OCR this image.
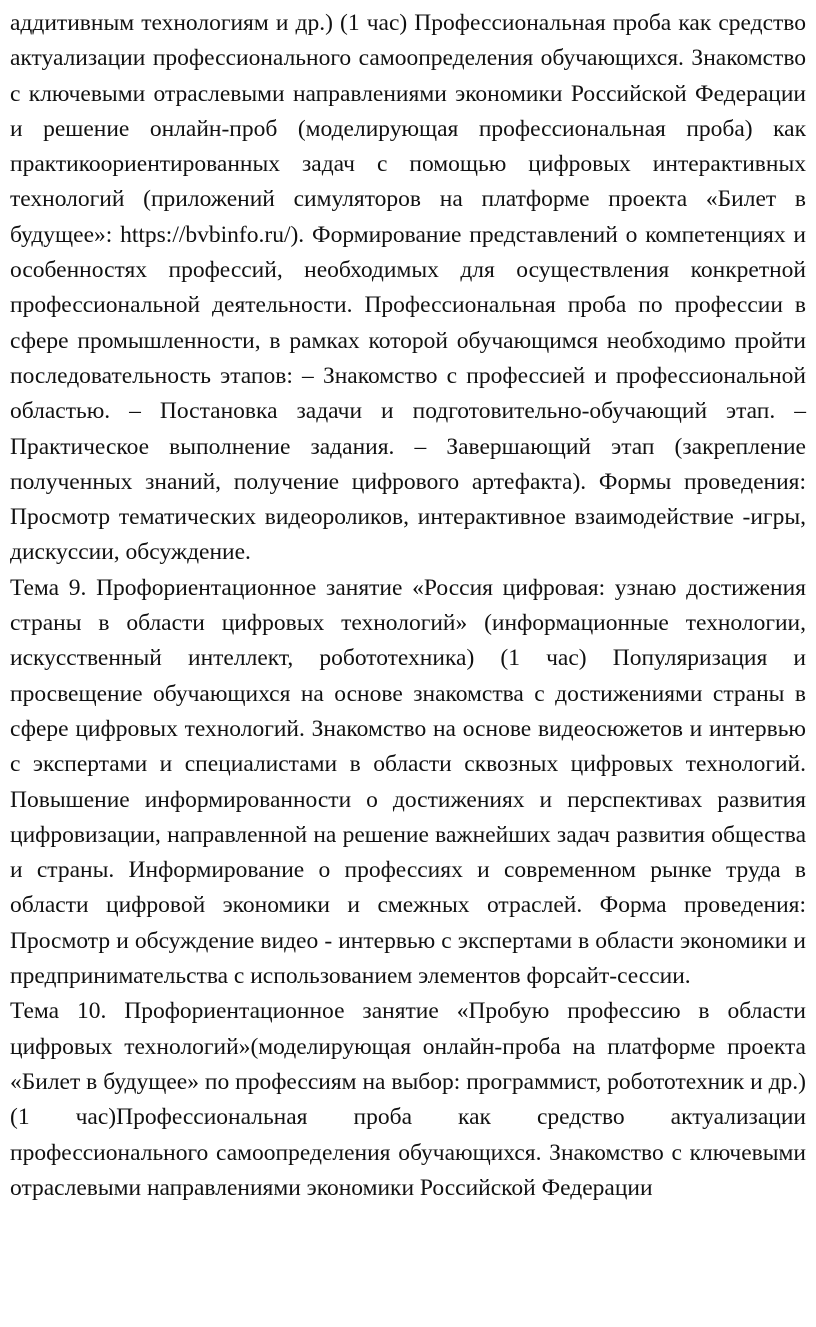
аддитивным технологиям и др.) (1 час) Профессиональная проба как средство актуализации профессионального самоопределения обучающихся. Знакомство с ключевыми отраслевыми направлениями экономики Российской Федерации и решение онлайн-проб (моделирующая профессиональная проба) как практикоориентированных задач с помощью цифровых интерактивных технологий (приложений симуляторов на платформе проекта «Билет в будущее»: https://bvbinfo.ru/). Формирование представлений о компетенциях и особенностях профессий, необходимых для осуществления конкретной профессиональной деятельности. Профессиональная проба по профессии в сфере промышленности, в рамках которой обучающимся необходимо пройти последовательность этапов: – Знакомство с профессией и профессиональной областью. – Постановка задачи и подготовительно-обучающий этап. – Практическое выполнение задания. – Завершающий этап (закрепление полученных знаний, получение цифрового артефакта). Формы проведения: Просмотр тематических видеороликов, интерактивное взаимодействие -игры, дискуссии, обсуждение.

Тема 9. Профориентационное занятие «Россия цифровая: узнаю достижения страны в области цифровых технологий» (информационные технологии, искусственный интеллект, робототехника) (1 час) Популяризация и просвещение обучающихся на основе знакомства с достижениями страны в сфере цифровых технологий. Знакомство на основе видеосюжетов и интервью с экспертами и специалистами в области сквозных цифровых технологий. Повышение информированности о достижениях и перспективах развития цифровизации, направленной на решение важнейших задач развития общества и страны. Информирование о профессиях и современном рынке труда в области цифровой экономики и смежных отраслей. Форма проведения: Просмотр и обсуждение видео - интервью с экспертами в области экономики и предпринимательства с использованием элементов форсайт-сессии.

Тема 10. Профориентационное занятие «Пробую профессию в области цифровых технологий»(моделирующая онлайн-проба на платформе проекта «Билет в будущее» по профессиям на выбор: программист, робототехник и др.) (1 час)Профессиональная проба как средство актуализации профессионального самоопределения обучающихся. Знакомство с ключевыми отраслевыми направлениями экономики Российской Федерации
